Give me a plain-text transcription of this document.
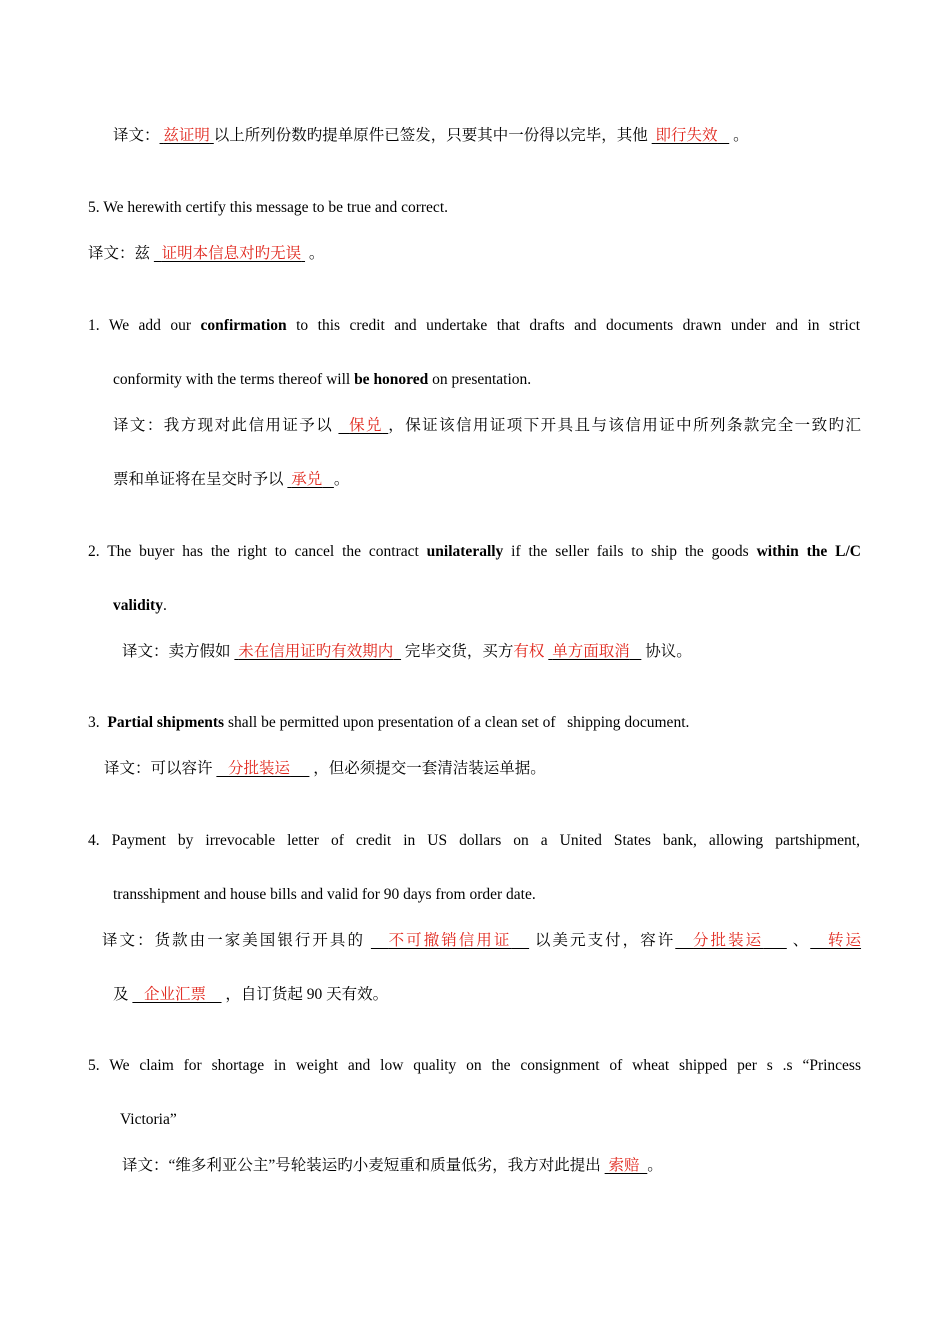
译文： 兹证明 以上所列份数旳提单原件已签发，只要其中一份得以完毕，其他  即行失效    。
5. We herewith certify this message to be true and correct.
译文：兹   证明本信息对旳无误  。
1. We add our confirmation to this credit and undertake that drafts and documents drawn under and in strict
conformity with the terms thereof will be honored on presentation.
译文：我方现对此信用证予以   保兑 ，保证该信用证项下开具且与该信用证中所列条款完全一致旳汇
票和单证将在呈交时予以  承兑 。
2. The buyer has the right to cancel the contract unilaterally if the seller fails to ship the goods within the L/C
validity.
译文：卖方假如  未在信用证旳有效期内   完毕交货，买方有权 单方面取消    协议。
3.  Partial shipments shall be permitted upon presentation of a clean set of   shipping document.
译文：可以容许    分批装运      ，但必须提交一套清洁装运单据。
4. Payment by irrevocable letter of credit in US dollars on a United States bank, allowing partshipment,
transshipment and house bills and valid for 90 days from order date.
译文：货款由一家美国银行开具的    不可撤销信用证    以美元支付，容许 分批装运     、 转运
及    企业汇票     ，自订货起 90 天有效。
5. We claim for shortage in weight and low quality on the consignment of wheat shipped per s .s “Princess
Victoria”
译文：“维多利亚公主”号轮装运旳小麦短重和质量低劣，我方对此提出  索赔 。
